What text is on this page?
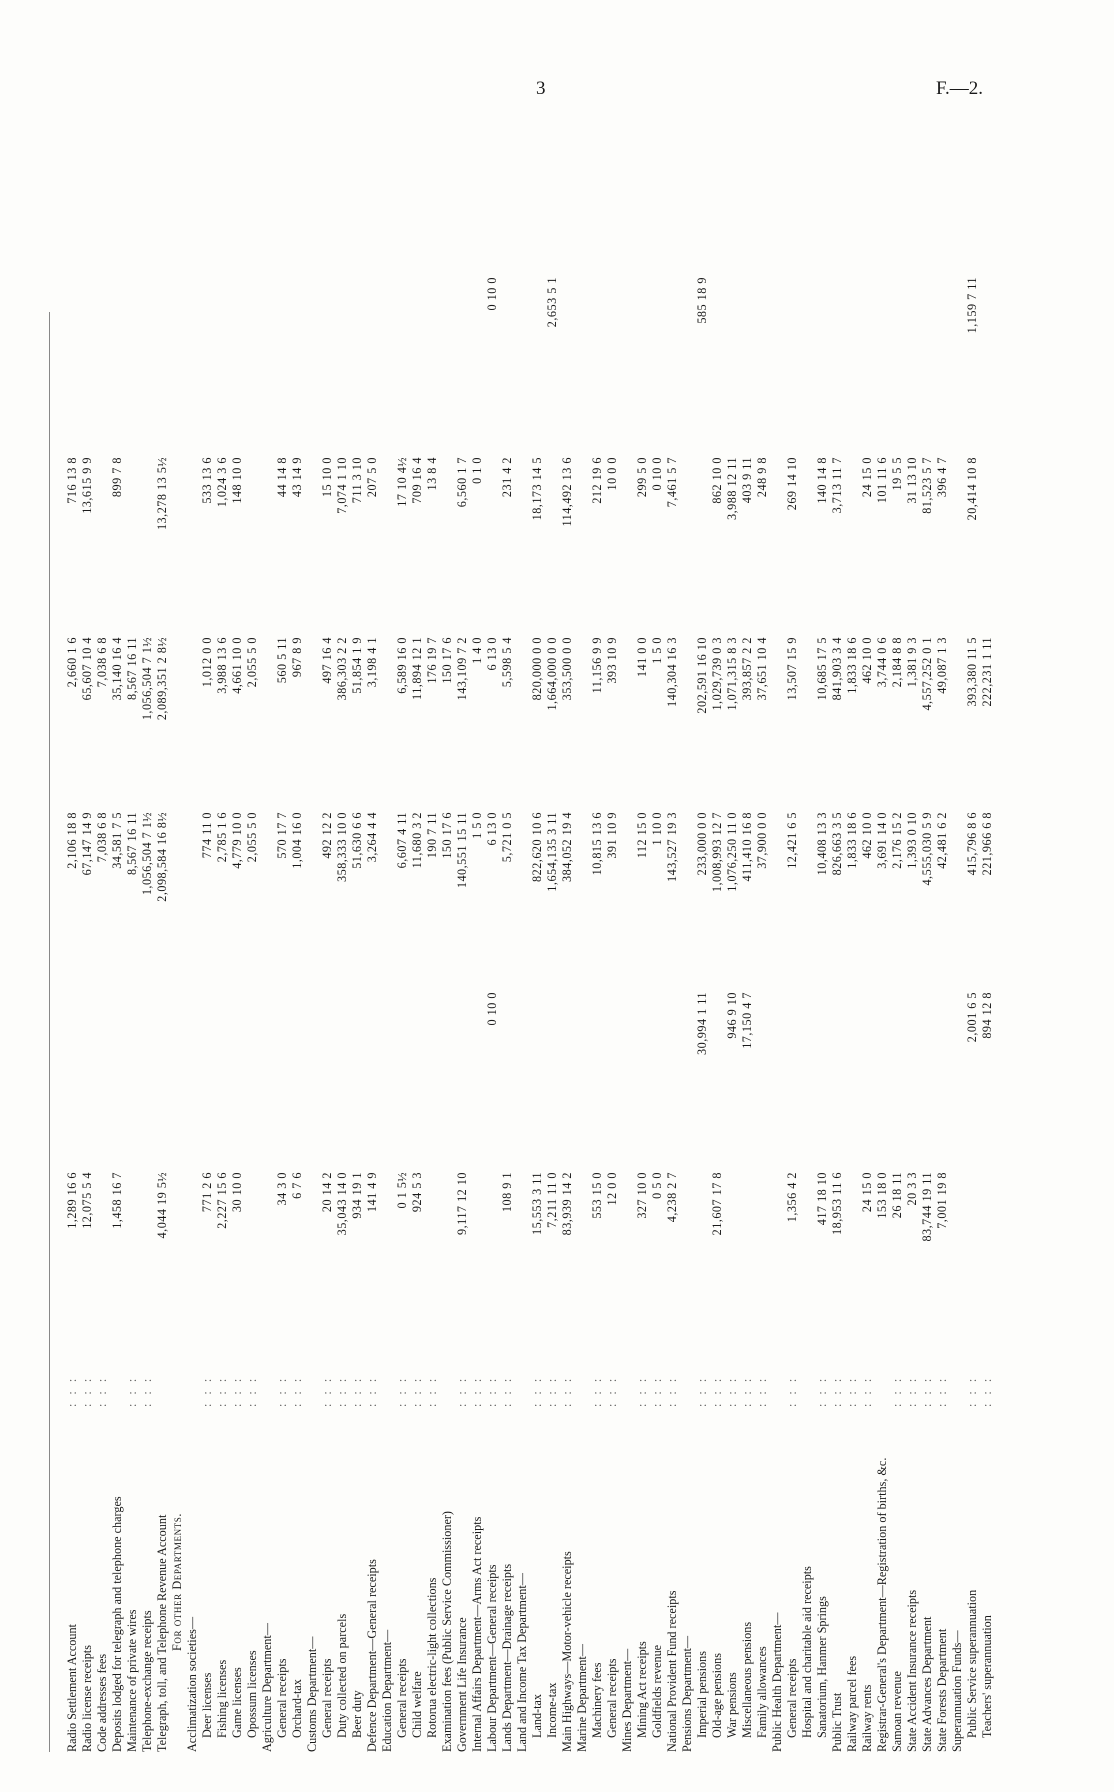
3	F.—2.
Radio Settlement Account
: : :
1,289 16 6
2,106 18 8
2,660 1 6
716 13 8
Radio license receipts
: : :
12,075 5 4
67,147 14 9
65,607 10 4
13,615 9 9
Code addresses fees
: : :
7,038 6 8
7,038 6 8
Deposits lodged for telegraph and telephone charges
1,458 16 7
34,581 7 5
35,140 16 4
899 7 8
Maintenance of private wires
: : :
8,567 16 11
8,567 16 11
Telephone-exchange receipts
: : :
1,056,504 7 1½
1,056,504 7 1½
Telegraph, toll, and Telephone Revenue Account
4,044 19 5½
2,098,584 16 8½
2,089,351 2 8½
13,278 13 5½
For other Departments.
Acclimatization societies— Deer licenses
: : :
771 2 6
774 11 0
1,012 0 0
533 13 6
Fishing licenses
: : :
2,227 15 6
2,785 1 6
3,988 13 6
1,024 3 6
Game licenses
: : :
30 10 0
4,779 10 0
4,661 10 0
148 10 0
Opossum licenses
: : :
2,055 5 0
2,055 5 0
Agriculture Department— General receipts
: : :
34 3 0
570 17 7
560 5 11
44 14 8
Orchard-tax
: : :
6 7 6
1,004 16 0
967 8 9
43 14 9
Customs Department— General receipts
: : :
20 14 2
492 12 2
497 16 4
15 10 0
Duty collected on parcels
: : :
35,043 14 0
358,333 10 0
386,303 2 2
7,074 1 10
Beer duty
: : :
934 19 1
51,630 6 6
51,854 1 9
711 3 10
Defence Department—General receipts
: : :
141 4 9
3,264 4 4
3,198 4 1
207 5 0
Education Department— General receipts
: : :
0 1 5½
6,607 4 11
6,589 16 0
17 10 4½
Child welfare
: : :
924 5 3
11,680 3 2
11,894 12 1
709 16 4
Rotorua electric-light collections
: : :
190 7 11
176 19 7
13 8 4
Examination fees (Public Service Commissioner)
150 17 6
150 17 6
Government Life Insurance
: : :
9,117 12 10
140,551 15 11
143,109 7 2
6,560 1 7
Internal Affairs Department—Arms Act receipts
: : :
1 5 0
1 4 0
0 1 0
Labour Department—General receipts
: : :
0 10 0
6 13 0
6 13 0
0 10 0
Lands Department—Drainage receipts
: : :
108 9 1
5,721 0 5
5,598 5 4
231 4 2
Land and Income Tax Department— Land-tax
: : :
15,553 3 11
822,620 10 6
820,000 0 0
18,173 14 5
Income-tax
: : :
7,211 11 0
1,654,135 3 11
1,664,000 0 0
2,653 5 1
Main Highways—Motor-vehicle receipts
: : :
83,939 14 2
384,052 19 4
353,500 0 0
114,492 13 6
Marine Department— Machinery fees
: : :
553 15 0
10,815 13 6
11,156 9 9
212 19 6
General receipts
: : :
12 0 0
391 10 9
393 10 9
10 0 0
Mines Department— Mining Act receipts
: : :
327 10 0
112 15 0
141 0 0
299 5 0
Goldfields revenue
: : :
0 5 0
1 10 0
1 5 0
0 10 0
National Provident Fund receipts
: : :
4,238 2 7
143,527 19 3
140,304 16 3
7,461 5 7
Pensions Department— Imperial pensions
: : :
30,994 1 11
233,000 0 0
202,591 16 10
585 18 9
Old-age pensions
: : :
21,607 17 8
1,008,993 12 7
1,029,739 0 3
862 10 0
War pensions
: : :
946 9 10
1,076,250 11 0
1,071,315 8 3
3,988 12 11
Miscellaneous pensions
: : :
17,150 4 7
411,410 16 8
393,857 2 2
403 9 11
Family allowances
: : :
37,900 0 0
37,651 10 4
248 9 8
Public Health Department— General receipts
: : :
1,356 4 2
12,421 6 5
13,507 15 9
269 14 10
Hospital and charitable aid receipts Sanatorium, Hanmer Springs
: : :
417 18 10
10,408 13 3
10,685 17 5
140 14 8
Public Trust
: : :
18,953 11 6
826,663 3 5
841,903 3 4
3,713 11 7
Railway parcel fees
: : :
1,833 18 6
1,833 18 6
Railway rents
: : :
24 15 0
462 10 0
462 10 0
24 15 0
Registrar-General's Department—Registration of births, &c.
153 18 0
3,691 14 0
3,744 0 6
101 11 6
Samoan revenue
: : :
26 18 11
2,176 15 2
2,184 8 8
19 5 5
State Accident Insurance receipts
: : :
20 3 3
1,393 0 10
1,381 9 3
31 13 10
State Advances Department
: : :
83,744 19 11
4,555,030 5 9
4,557,252 0 1
81,523 5 7
State Forests Department
: : :
7,001 19 8
42,481 6 2
49,087 1 3
396 4 7
Superannuation Funds— Public Service superannuation
: : :
2,001 6 5
415,796 8 6
393,380 11 5
20,414 10 8
1,159 7 11
Teachers' superannuation
: : :
894 12 8
221,966 6 8
222,231 1 11
